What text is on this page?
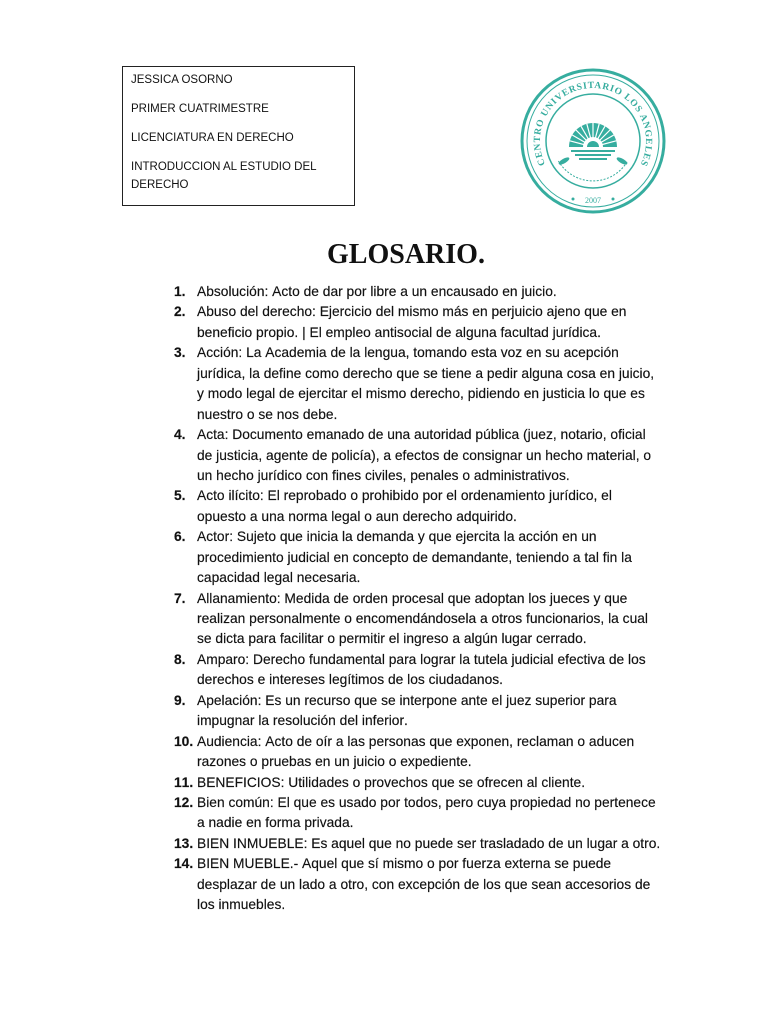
JESSICA OSORNO

PRIMER CUATRIMESTRE

LICENCIATURA EN DERECHO

INTRODUCCION AL ESTUDIO DEL DERECHO

CENTRO UNIVERSITARIO LOS ANGELES
2007
GLOSARIO.
1. Absolución: Acto de dar por libre a un encausado en juicio.
2. Abuso del derecho: Ejercicio del mismo más en perjuicio ajeno que en beneficio propio. | El empleo antisocial de alguna facultad jurídica.
3. Acción: La Academia de la lengua, tomando esta voz en su acepción jurídica, la define como derecho que se tiene a pedir alguna cosa en juicio, y modo legal de ejercitar el mismo derecho, pidiendo en justicia lo que es nuestro o se nos debe.
4. Acta: Documento emanado de una autoridad pública (juez, notario, oficial de justicia, agente de policía), a efectos de consignar un hecho material, o un hecho jurídico con fines civiles, penales o administrativos.
5. Acto ilícito: El reprobado o prohibido por el ordenamiento jurídico, el opuesto a una norma legal o aun derecho adquirido.
6. Actor: Sujeto que inicia la demanda y que ejercita la acción en un procedimiento judicial en concepto de demandante, teniendo a tal fin la capacidad legal necesaria.
7. Allanamiento: Medida de orden procesal que adoptan los jueces y que realizan personalmente o encomendándosela a otros funcionarios, la cual se dicta para facilitar o permitir el ingreso a algún lugar cerrado.
8. Amparo: Derecho fundamental para lograr la tutela judicial efectiva de los derechos e intereses legítimos de los ciudadanos.
9. Apelación: Es un recurso que se interpone ante el juez superior para impugnar la resolución del inferior.
10. Audiencia: Acto de oír a las personas que exponen, reclaman o aducen razones o pruebas en un juicio o expediente.
11. BENEFICIOS: Utilidades o provechos que se ofrecen al cliente.
12. Bien común: El que es usado por todos, pero cuya propiedad no pertenece a nadie en forma privada.
13. BIEN INMUEBLE: Es aquel que no puede ser trasladado de un lugar a otro.
14. BIEN MUEBLE.- Aquel que sí mismo o por fuerza externa se puede desplazar de un lado a otro, con excepción de los que sean accesorios de los inmuebles.
